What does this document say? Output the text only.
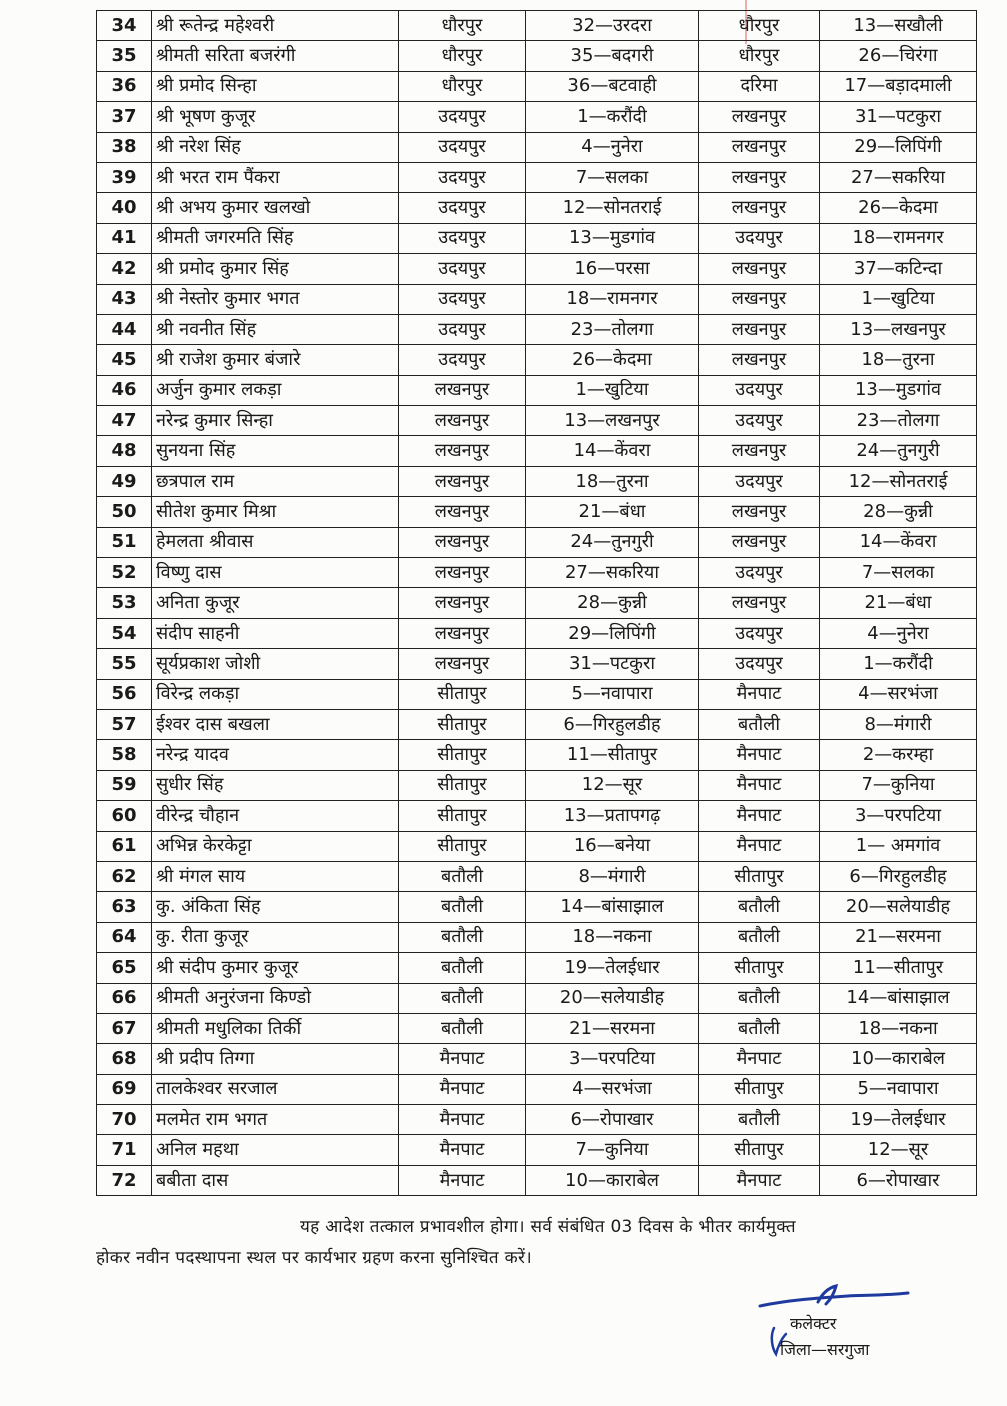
34	श्री रूतेन्द्र महेश्वरी	धौरपुर	32—उरदरा	धौरपुर	13—सखौली
35	श्रीमती सरिता बजरंगी	धौरपुर	35—बदगरी	धौरपुर	26—चिरंगा
36	श्री प्रमोद सिन्हा	धौरपुर	36—बटवाही	दरिमा	17—बड़ादमाली
37	श्री भूषण कुजूर	उदयपुर	1—करौंदी	लखनपुर	31—पटकुरा
38	श्री नरेश सिंह	उदयपुर	4—नुनेरा	लखनपुर	29—लिपिंगी
39	श्री भरत राम पैंकरा	उदयपुर	7—सलका	लखनपुर	27—सकरिया
40	श्री अभय कुमार खलखो	उदयपुर	12—सोनतराई	लखनपुर	26—केदमा
41	श्रीमती जगरमति सिंह	उदयपुर	13—मुडगांव	उदयपुर	18—रामनगर
42	श्री प्रमोद कुमार सिंह	उदयपुर	16—परसा	लखनपुर	37—कटिन्दा
43	श्री नेस्तोर कुमार भगत	उदयपुर	18—रामनगर	लखनपुर	1—खुटिया
44	श्री नवनीत सिंह	उदयपुर	23—तोलगा	लखनपुर	13—लखनपुर
45	श्री राजेश कुमार बंजारे	उदयपुर	26—केदमा	लखनपुर	18—तुरना
46	अर्जुन कुमार लकड़ा	लखनपुर	1—खुटिया	उदयपुर	13—मुडगांव
47	नरेन्द्र कुमार सिन्हा	लखनपुर	13—लखनपुर	उदयपुर	23—तोलगा
48	सुनयना सिंह	लखनपुर	14—केंवरा	लखनपुर	24—तुनगुरी
49	छत्रपाल राम	लखनपुर	18—तुरना	उदयपुर	12—सोनतराई
50	सीतेश कुमार मिश्रा	लखनपुर	21—बंधा	लखनपुर	28—कुन्नी
51	हेमलता श्रीवास	लखनपुर	24—तुनगुरी	लखनपुर	14—केंवरा
52	विष्णु दास	लखनपुर	27—सकरिया	उदयपुर	7—सलका
53	अनिता कुजूर	लखनपुर	28—कुन्नी	लखनपुर	21—बंधा
54	संदीप साहनी	लखनपुर	29—लिपिंगी	उदयपुर	4—नुनेरा
55	सूर्यप्रकाश जोशी	लखनपुर	31—पटकुरा	उदयपुर	1—करौंदी
56	विरेन्द्र लकड़ा	सीतापुर	5—नवापारा	मैनपाट	4—सरभंजा
57	ईश्वर दास बखला	सीतापुर	6—गिरहुलडीह	बतौली	8—मंगारी
58	नरेन्द्र यादव	सीतापुर	11—सीतापुर	मैनपाट	2—करम्हा
59	सुधीर सिंह	सीतापुर	12—सूर	मैनपाट	7—कुनिया
60	वीरेन्द्र चौहान	सीतापुर	13—प्रतापगढ़	मैनपाट	3—परपटिया
61	अभिन्न केरकेट्टा	सीतापुर	16—बनेया	मैनपाट	1— अमगांव
62	श्री मंगल साय	बतौली	8—मंगारी	सीतापुर	6—गिरहुलडीह
63	कु. अंकिता सिंह	बतौली	14—बांसाझाल	बतौली	20—सलेयाडीह
64	कु. रीता कुजूर	बतौली	18—नकना	बतौली	21—सरमना
65	श्री संदीप कुमार कुजूर	बतौली	19—तेलईधार	सीतापुर	11—सीतापुर
66	श्रीमती अनुरंजना किण्डो	बतौली	20—सलेयाडीह	बतौली	14—बांसाझाल
67	श्रीमती मधुलिका तिर्की	बतौली	21—सरमना	बतौली	18—नकना
68	श्री प्रदीप तिग्गा	मैनपाट	3—परपटिया	मैनपाट	10—काराबेल
69	तालकेश्वर सरजाल	मैनपाट	4—सरभंजा	सीतापुर	5—नवापारा
70	मलमेत राम भगत	मैनपाट	6—रोपाखार	बतौली	19—तेलईधार
71	अनिल महथा	मैनपाट	7—कुनिया	सीतापुर	12—सूर
72	बबीता दास	मैनपाट	10—काराबेल	मैनपाट	6—रोपाखार

यह आदेश तत्काल प्रभावशील होगा। सर्व संबंधित 03 दिवस के भीतर कार्यमुक्त

होकर नवीन पदस्थापना स्थल पर कार्यभार ग्रहण करना सुनिश्चित करें।

कलेक्टर
जिला—सरगुजा
